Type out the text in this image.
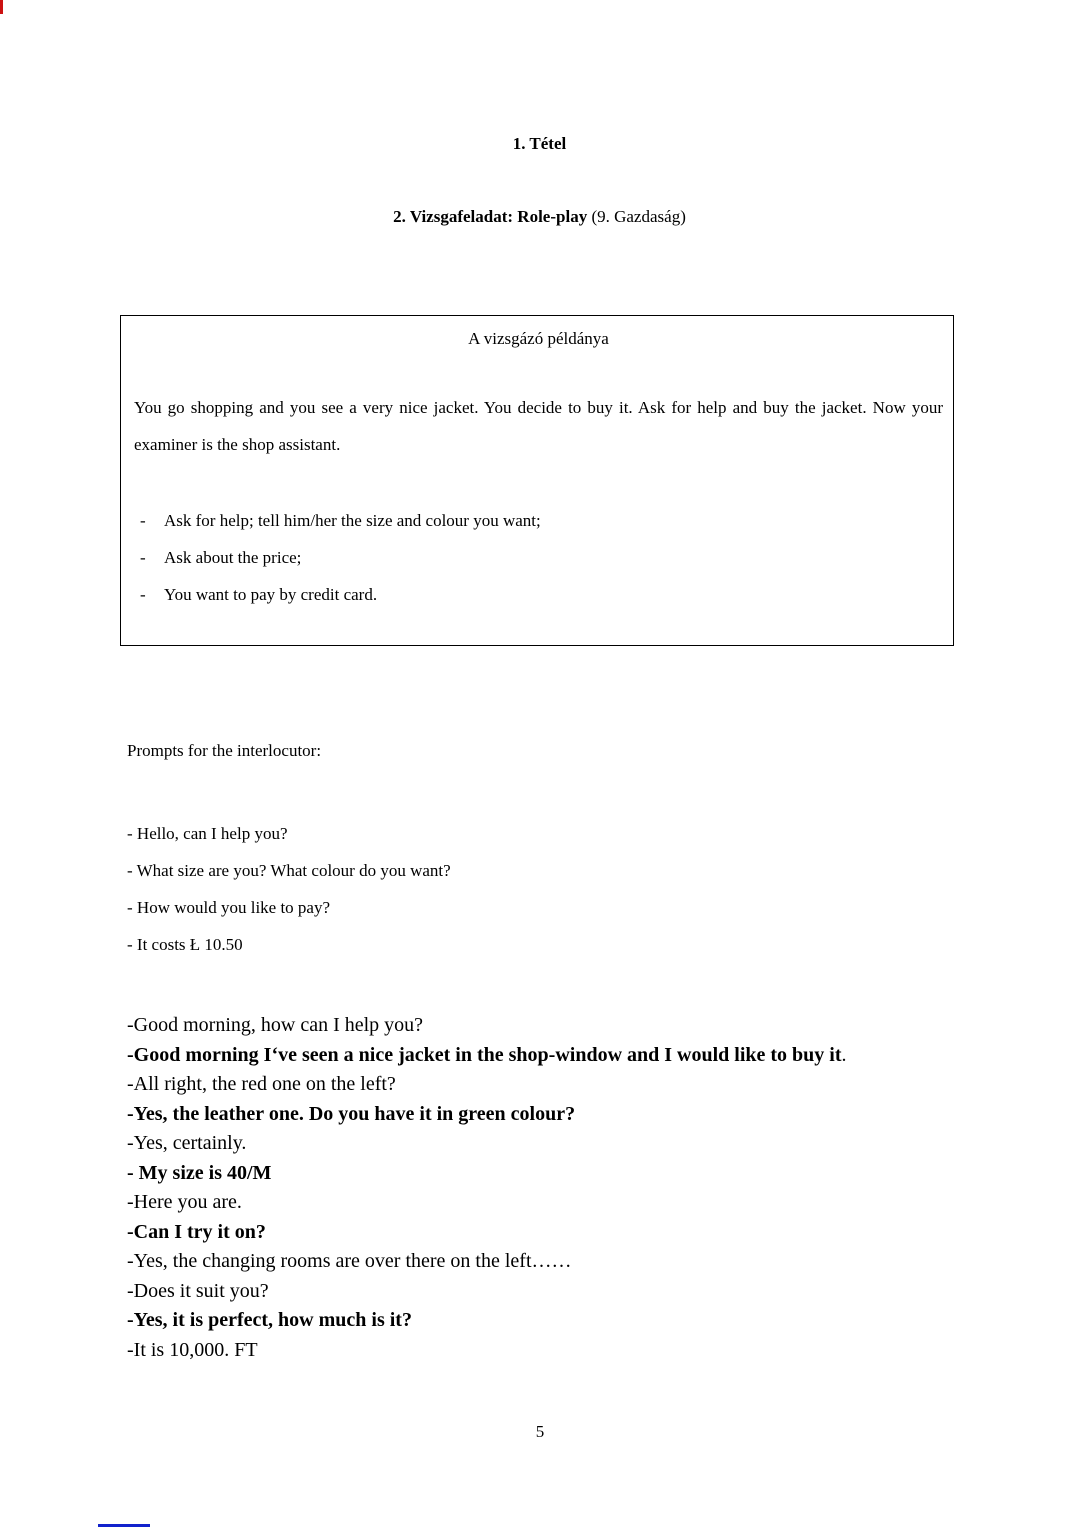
1. Tétel

2. Vizsgafeladat: Role-play (9. Gazdaság)

A vizsgázó példánya

You go shopping and you see a very nice jacket. You decide to buy it. Ask for help and buy the jacket. Now your examiner is the shop assistant.

-	Ask for help; tell him/her the size and colour you want;
-	Ask about the price;
-	You want to pay by credit card.

Prompts for the interlocutor:

- Hello, can I help you?
- What size are you? What colour do you want?
- How would you like to pay?
- It costs Ł 10.50
-Good morning, how can I help you?
-Good morning I‘ve seen a nice jacket in the shop-window and I would like to buy it.
-All right, the red one on the left?
-Yes, the leather one. Do you have it in green colour?
-Yes, certainly.
- My size is 40/M
-Here you are.
-Can I try it on?
-Yes, the changing rooms are over there on the left……
-Does it suit you?
-Yes, it is perfect, how much is it?
-It is 10,000. FT
5
